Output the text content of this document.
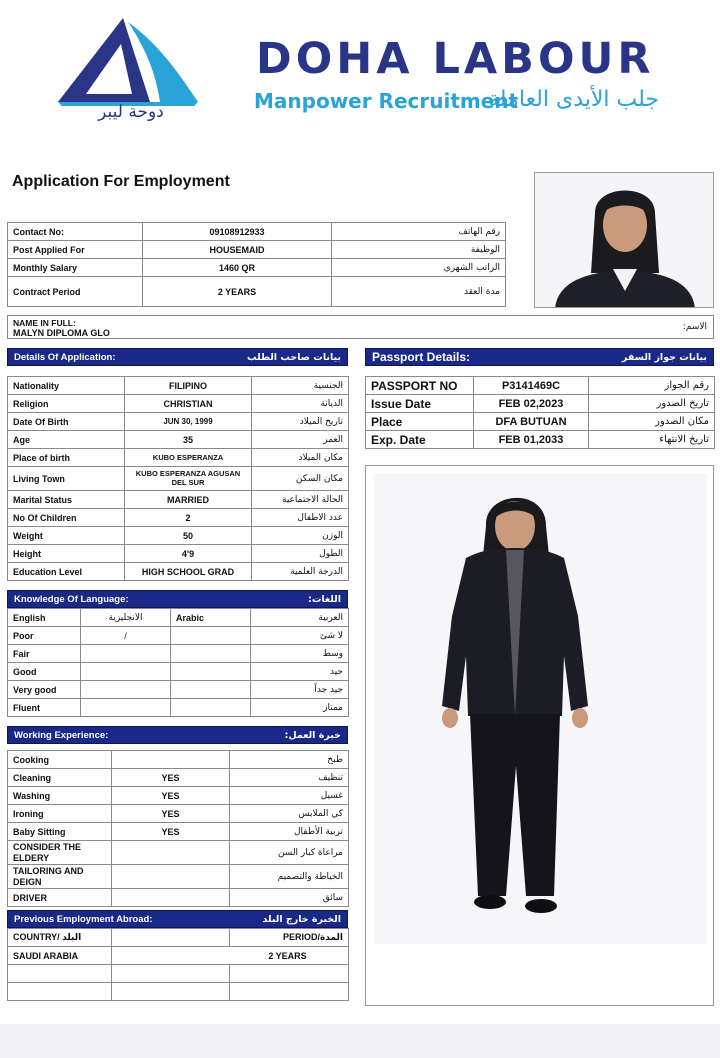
دوحة ليبر
DOHA LABOUR
Manpower Recruitment
جلب الأيدى العاملة
Application For Employment
Contact No:	09108912933	رقم الهاتف
Post Applied For	HOUSEMAID	الوظيفة
Monthly Salary	1460 QR	الراتب الشهري
Contract Period	2 YEARS	مدة العقد
NAME IN FULL:
MALYN DIPLOMA GLO
الاسم:
Details Of Application:	بيانات صاحب الطلب
Nationality	FILIPINO	الجنسية
Religion	CHRISTIAN	الديانة
Date Of Birth	JUN 30, 1999	تاريخ الميلاد
Age	35	العمر
Place of birth	KUBO ESPERANZA	مكان الميلاد
Living Town	KUBO ESPERANZA AGUSAN DEL SUR	مكان السكن
Marital Status	MARRIED	الحالة الاجتماعية
No Of Children	2	عدد الاطفال
Weight	50	الوزن
Height	4'9	الطول
Education Level	HIGH SCHOOL GRAD	الدرجة العلمية
Passport Details:	بيانات جواز السفر
PASSPORT NO	P3141469C	رقم الجواز
Issue Date	FEB 02,2023	تاريخ الصدور
Place	DFA BUTUAN	مكان الصدور
Exp. Date	FEB 01,2033	تاريخ الانتهاء
Knowledge Of Language:	اللغات:
English	الانجليزية	Arabic	العربية
Poor	/		لا شئ
Fair			وسط
Good			جيد
Very good			جيد جداً
Fluent			ممتاز
Working Experience:	خبرة العمل:
Cooking		طبخ
Cleaning	YES	تنظيف
Washing	YES	غسيل
Ironing	YES	كي الملابس
Baby Sitting	YES	تربية الأطفال
CONSIDER THE ELDERY		مراعاة كبار السن
TAILORING AND DEIGN		الخياطة والتصميم
DRIVER		سائق
Previous Employment Abroad:	الخبرة خارج البلد
COUNTRY/ البلد		PERIOD/المدة
SAUDI ARABIA	2 YEARS	
